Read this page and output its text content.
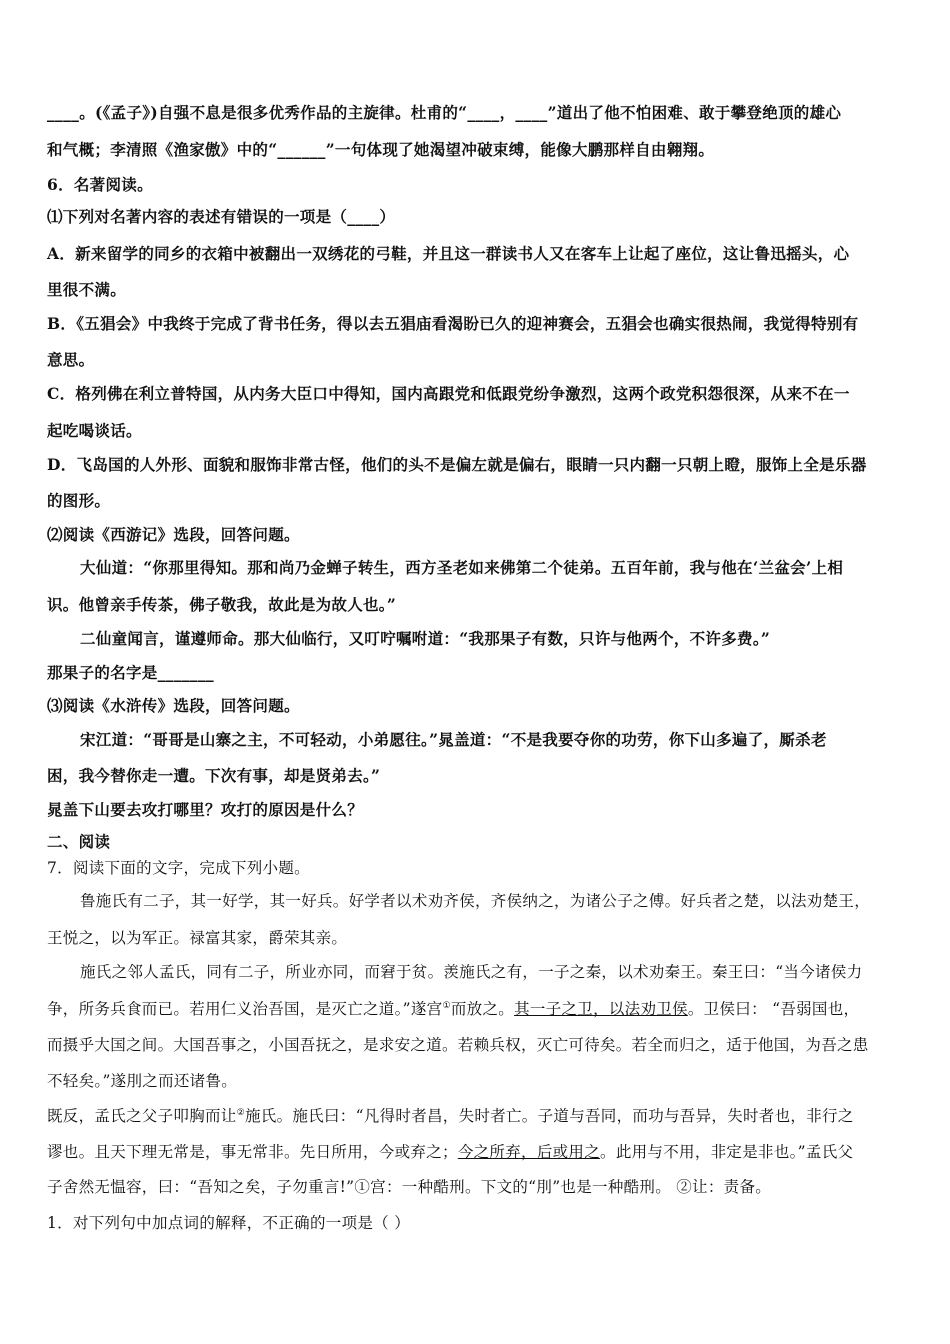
____。(《孟子》)自强不息是很多优秀作品的主旋律。杜甫的“____，____”道出了他不怕困难、敢于攀登绝顶的雄心
和气概；李清照《渔家傲》中的“______”一句体现了她渴望冲破束缚，能像大鹏那样自由翱翔。
6．名著阅读。
⑴下列对名著内容的表述有错误的一项是（____）
A．新来留学的同乡的衣箱中被翻出一双绣花的弓鞋，并且这一群读书人又在客车上让起了座位，这让鲁迅摇头，心
里很不满。
B．《五猖会》中我终于完成了背书任务，得以去五猖庙看渴盼已久的迎神赛会，五猖会也确实很热闹，我觉得特别有
意思。
C．格列佛在利立普特国，从内务大臣口中得知，国内高跟党和低跟党纷争激烈，这两个政党积怨很深，从来不在一
起吃喝谈话。
D．飞岛国的人外形、面貌和服饰非常古怪，他们的头不是偏左就是偏右，眼睛一只内翻一只朝上瞪，服饰上全是乐器
的图形。
⑵阅读《西游记》选段，回答问题。
大仙道：“你那里得知。那和尚乃金蝉子转生，西方圣老如来佛第二个徒弟。五百年前，我与他在‘兰盆会’上相
识。他曾亲手传茶，佛子敬我，故此是为故人也。”
二仙童闻言，谨遵师命。那大仙临行，又叮咛嘱咐道：“我那果子有数，只许与他两个，不许多费。”
那果子的名字是_______
⑶阅读《水浒传》选段，回答问题。
宋江道：“哥哥是山寨之主，不可轻动，小弟愿往。”晁盖道：“不是我要夺你的功劳，你下山多遍了，厮杀老
困，我今替你走一遭。下次有事，却是贤弟去。”
晁盖下山要去攻打哪里？攻打的原因是什么？
二、阅读
7．阅读下面的文字，完成下列小题。
鲁施氏有二子，其一好学，其一好兵。好学者以术劝齐侯，齐侯纳之，为诸公子之傅。好兵者之楚，以法劝楚王，
王悦之，以为军正。禄富其家，爵荣其亲。
施氏之邻人孟氏，同有二子，所业亦同，而窘于贫。羡施氏之有，一子之秦，以术劝秦王。秦王曰：“当今诸侯力
争，所务兵食而已。若用仁义治吾国，是灭亡之道。”遂宫①而放之。其一子之卫，以法劝卫侯。卫侯曰： “吾弱国也，
而摄乎大国之间。大国吾事之，小国吾抚之，是求安之道。若赖兵权，灭亡可待矣。若全而归之，适于他国，为吾之患
不轻矣。”遂刖之而还诸鲁。
既反，孟氏之父子叩胸而让②施氏。施氏曰：“凡得时者昌，失时者亡。子道与吾同，而功与吾异，失时者也，非行之
谬也。且天下理无常是，事无常非。先日所用，今或弃之；今之所弃，后或用之。此用与不用，非定是非也。”孟氏父
子舍然无愠容，曰：“吾知之矣，子勿重言!”①宫：一种酷刑。下文的“刖”也是一种酷刑。 ②让：责备。
1．对下列句中加点词的解释，不正确的一项是（ ）
